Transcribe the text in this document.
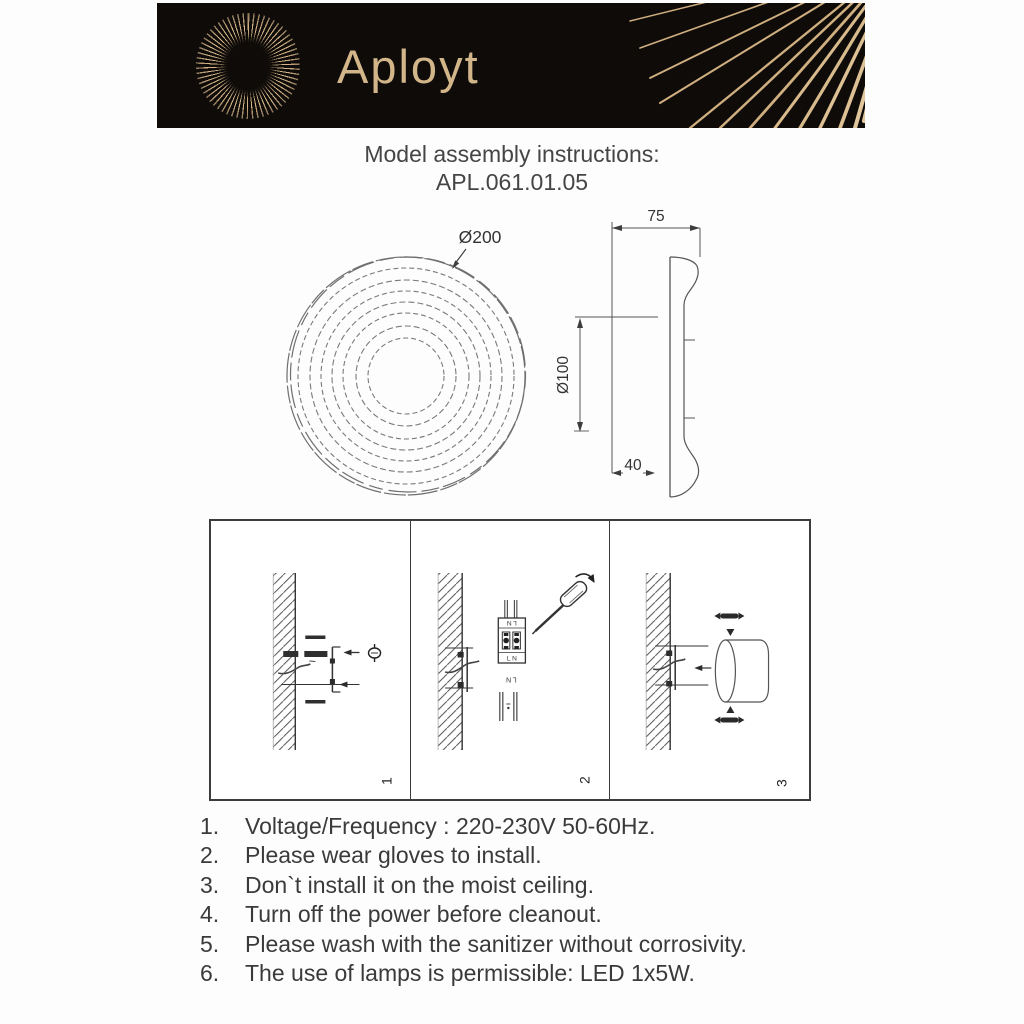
Aployt
Model assembly instructions:
APL.061.01.05
Ø200
75
Ø100
40
1
L N
L N
L N
2	3
1.	Voltage/Frequency : 220-230V 50-60Hz.
2.	Please wear gloves to install.
3.	Don`t install it on the moist ceiling.
4.	Turn off the power before cleanout.
5.	Please wash with the sanitizer without corrosivity.
6.	The use of lamps is permissible: LED 1x5W.
